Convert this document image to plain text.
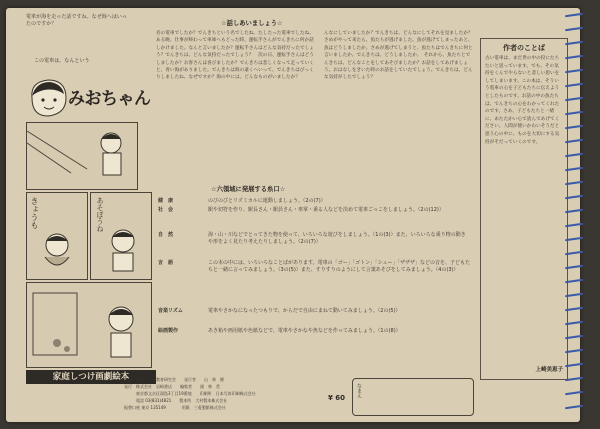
電車が海を走った話ですね。なぜ海へはいったのですか？
この電車は、なんという
みおちゃん
きょうも	あそぼうね
家庭しつけ画劇絵本
☆話しあいましょう☆
名の電車でしたか？でんきちという名でしたね。たしたった電車でしたね。　ある晩、仕事が終わって車庫へもどった時、運転手さんがでんきちに何か話しかけました。なんと言いましたか？運転手さんはどんな気持だったでしょう？でんきちは、どんな気持だったでしょう？　次の日、運転手さんはどうしましたか？お客さんは喜びましたか？でんきちは悲しくなって走っていくと、青い海がありました。でんきちは海の遠くへいって、でんきちはびっくりしましたね。なぜですか？海の中には、どんなものがいましたか？
んなにしていましたか？でんきちは、どんなにしてそれを見ましたか？　さめがやって来たら、魚たちが逃げました。魚が逃げてしまったあと、魚はどうしましたか。さめが逃げてしまうと、魚たちはでんきちに何と言いましたか。でんきちは、どうしましたか。　それから、魚たちとでんきちは、どんなことをしてあそびましたか？お話をしてあげましょう。おはなしをきいた時のお話をしていたでしょう。でんきちは、どんな気持がしたでしょう？
☆六領域に発展する糸口☆
健　康	のびのびとリズミカルに運動しましょう。（2の(7)）
社　会	駅や切符を作り、駅長さん・駅員さん・車掌・乗る人などを決めて電車ごっこをしましょう。（2の(12)）
自　然	海・山・川などでとってきた物を使って、いろいろな遊びをしましょう。（1の(3)）また、いろいろな乗り物の動きや形をよく見たり考えたりしましょう。（2の(7)）
言　語	この本の中には、いろいろなことばがあります。電車の「ゴー」「ゴトン」「シュー」「ザザザ」などの音を、子どもたちと一緒に言ってみましょう。（3の(5)）また、すりすりのようにして言葉あそびをしてみましょう。（4の(3)）
音楽リズム	電車やさかなになったつもりで、からだで自由にまねて動いてみましょう。（2の(5)）
絵画製作	あき箱や画用紙や色紙などで、電車やさかなや魚などを作ってみましょう。（1の(8)）
企画　家庭しつけ教育研究会　　発行者　　山　林　健
発行　株式会社　岩崎書店　　編集者　　浦　林　哲
　　　東京都文京区湯島3丁目19番地　　印刷所　日本写真印刷株式会社
　　　電話 03(831)4821　　製本所　大村製本株式会社
振替口座 東京 135149　　　　用紙　三菱製紙株式会社
¥ 60 なまえ
作者のことば
古い電車は、まだ世の中の役にたちたいと思っています。でも、その気持をくんでやらないと悲しい思いをしてしまいます。この本は、そういう電車の心を子どもたちに伝えようとしたものです。お話の中の魚たちは、でんきちの心をわかってくれたのです。さあ、子どもたちと一緒に、あたたかい心で読んであげてください。人間が使いかわいそうだと思う心の中に、ものを大切にする気持がそだっていくのです。
上崎美恵子
